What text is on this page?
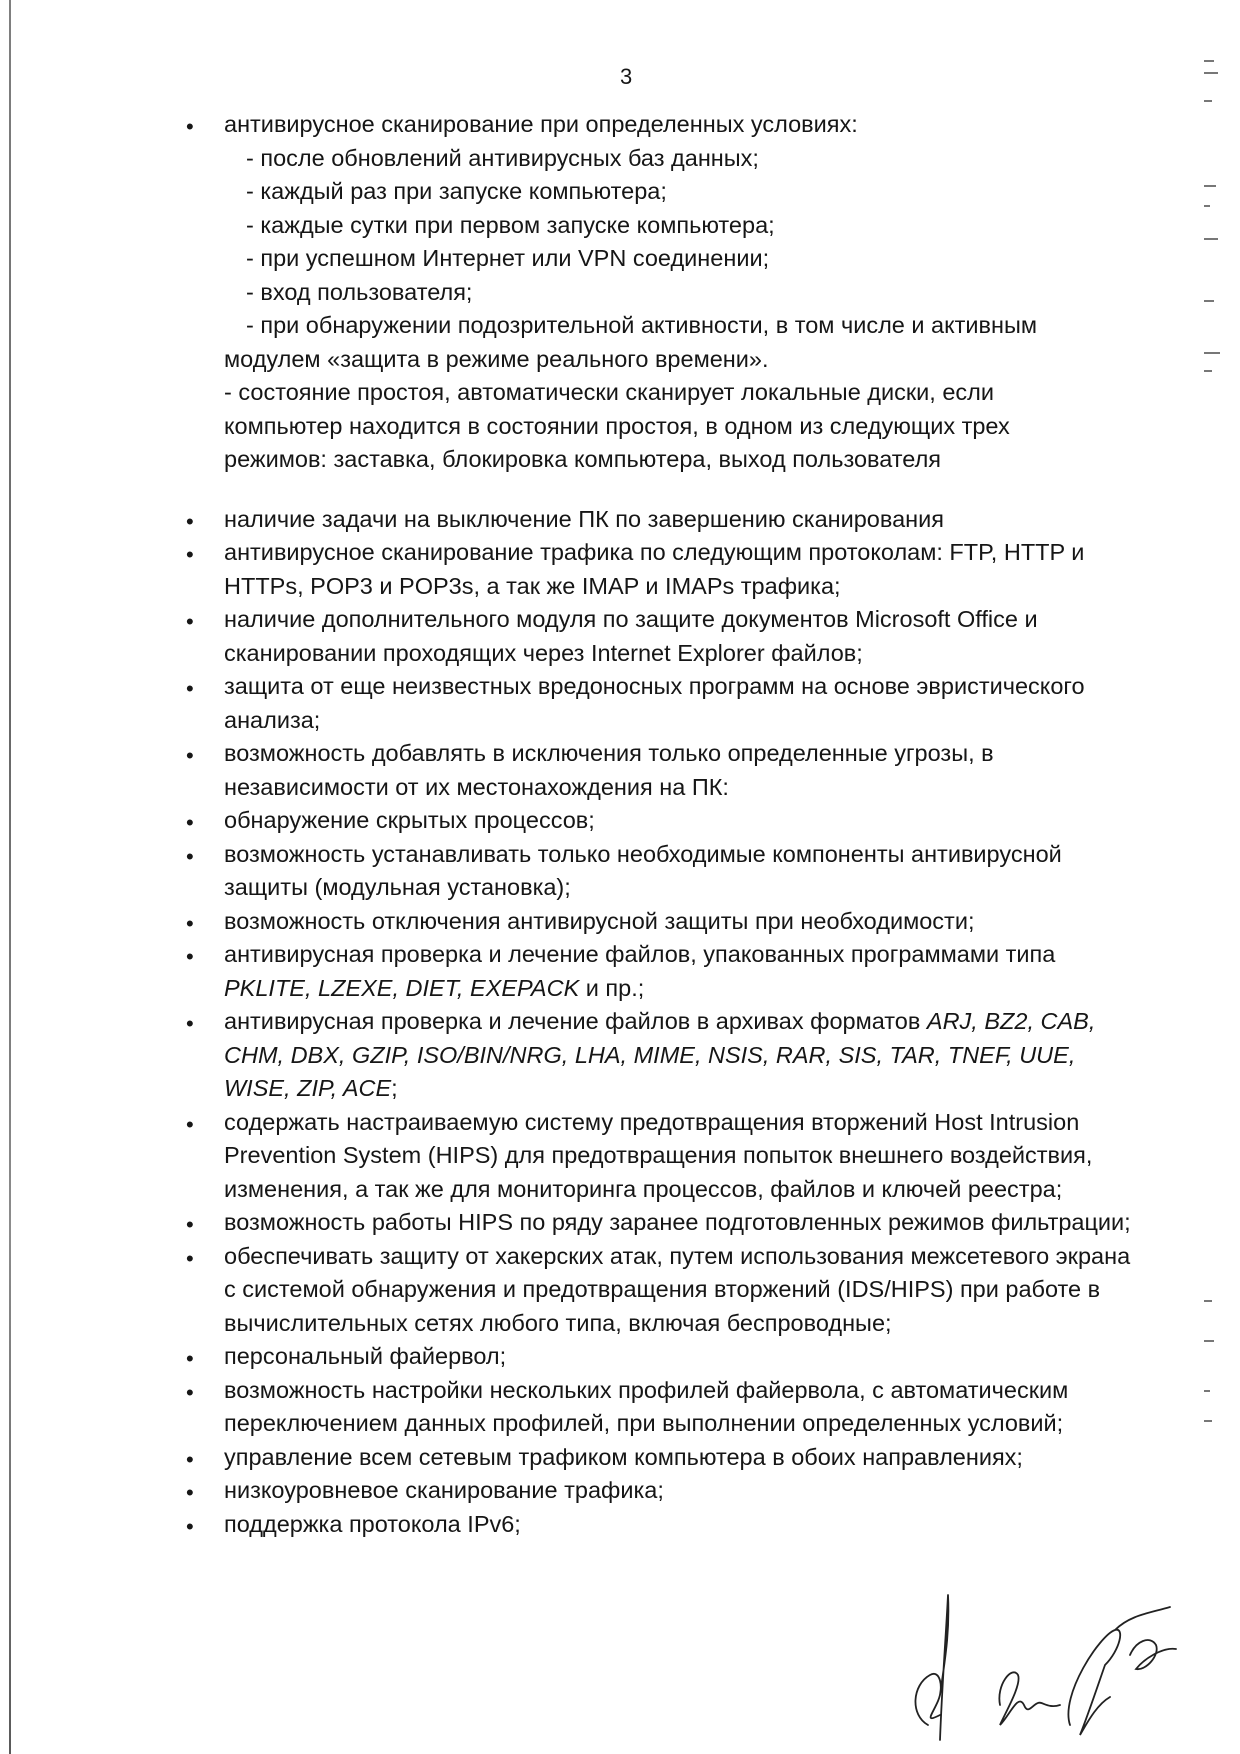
3
• антивирусное сканирование при определенных условиях:
- после обновлений антивирусных баз данных;
- каждый раз при запуске компьютера;
- каждые сутки при первом запуске компьютера;
- при успешном Интернет или VPN соединении;
- вход пользователя;
- при обнаружении подозрительной активности, в том числе и активным
модулем «защита в режиме реального времени».
- состояние простоя, автоматически сканирует локальные диски, если
компьютер находится в состоянии простоя, в одном из следующих трех
режимов: заставка, блокировка компьютера, выход пользователя
• наличие задачи на выключение ПК по завершению сканирования
• антивирусное сканирование трафика по следующим протоколам: FTP, HTTP и HTTPs, POP3 и POP3s, а так же IMAP и IMAPs трафика;
• наличие дополнительного модуля по защите документов Microsoft Office и сканировании проходящих через Internet Explorer файлов;
• защита от еще неизвестных вредоносных программ на основе эвристического анализа;
• возможность добавлять в исключения только определенные угрозы, в независимости от их местонахождения на ПК:
• обнаружение скрытых процессов;
• возможность устанавливать только необходимые компоненты антивирусной защиты (модульная установка);
• возможность отключения антивирусной защиты при необходимости;
• антивирусная проверка и лечение файлов, упакованных программами типа
PKLITE, LZEXE, DIET, EXEPACK и пр.;
• антивирусная проверка и лечение файлов в архивах форматов ARJ, BZ2, CAB, CHM, DBX, GZIP, ISO/BIN/NRG, LHA, MIME, NSIS, RAR, SIS, TAR, TNEF, UUE, WISE, ZIP, ACE;
• содержать настраиваемую систему предотвращения вторжений Host Intrusion Prevention System (HIPS) для предотвращения попыток внешнего воздействия, изменения, а так же для мониторинга процессов, файлов и ключей реестра;
• возможность работы HIPS по ряду заранее подготовленных режимов фильтрации;
• обеспечивать защиту от хакерских атак, путем использования межсетевого экрана с системой обнаружения и предотвращения вторжений (IDS/HIPS) при работе в вычислительных сетях любого типа, включая беспроводные;
• персональный файервол;
• возможность настройки нескольких профилей файервола, с автоматическим переключением данных профилей, при выполнении определенных условий;
• управление всем сетевым трафиком компьютера в обоих направлениях;
• низкоуровневое сканирование трафика;
• поддержка протокола IPv6;
